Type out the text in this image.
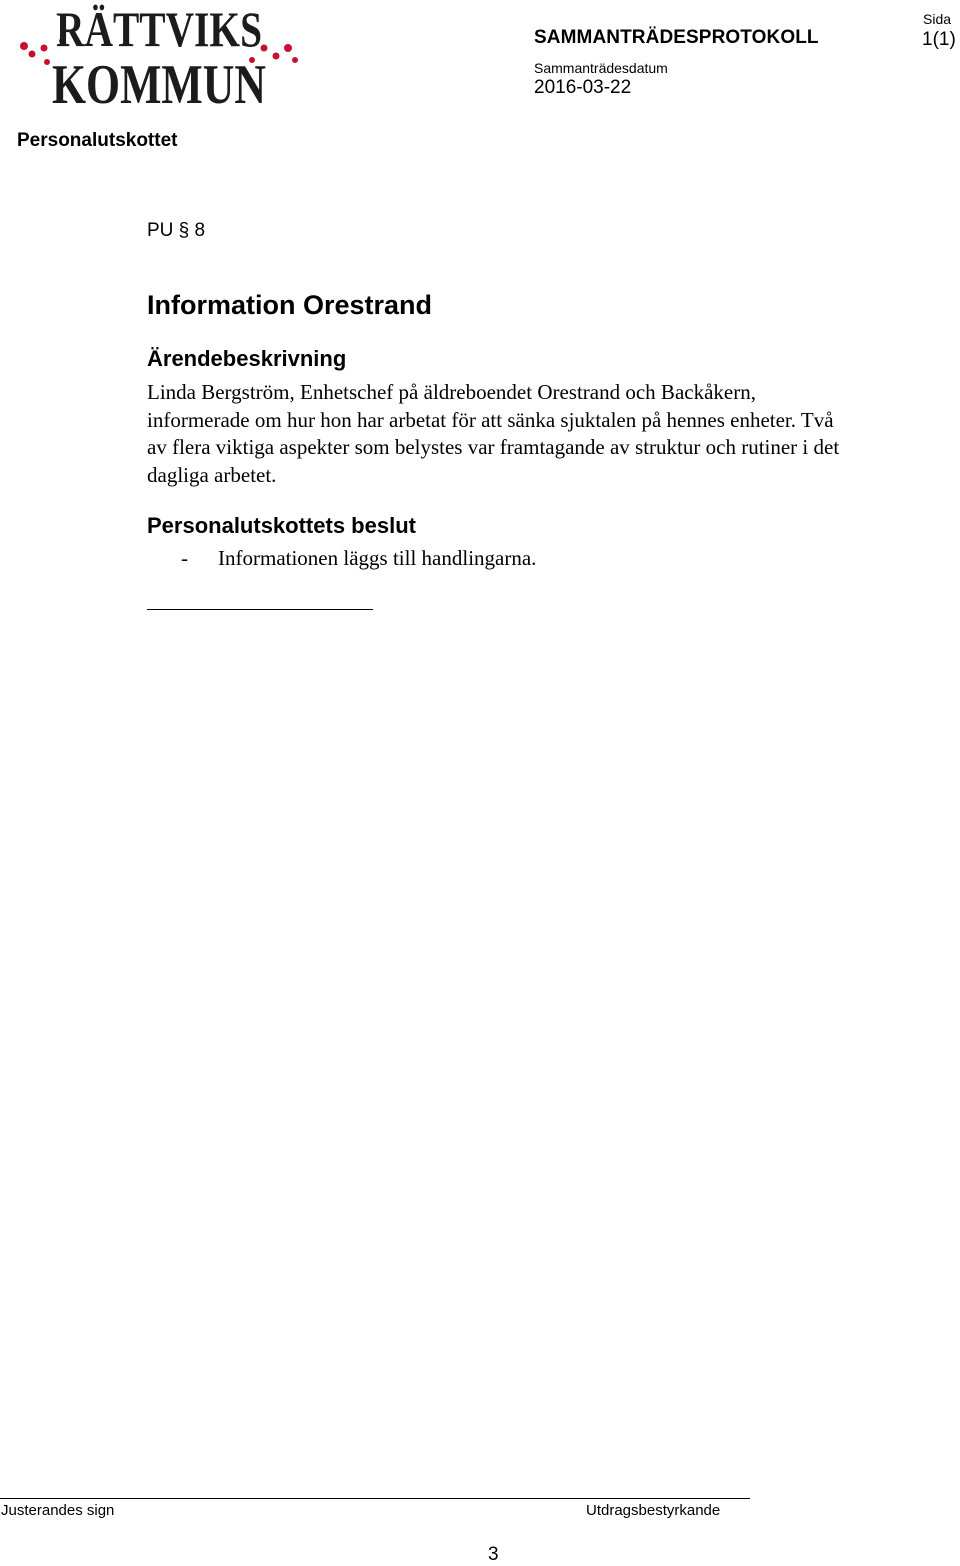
RÄTTVIKS
KOMMUN
SAMMANTRÄDESPROTOKOLL
Sammanträdesdatum
2016-03-22
Sida
1(1)
Personalutskottet
PU § 8
Information Orestrand
Ärendebeskrivning

Linda Bergström, Enhetschef på äldreboendet Orestrand och Backåkern, informerade om hur hon har arbetat för att sänka sjuktalen på hennes enheter. Två av flera viktiga aspekter som belystes var framtagande av struktur och rutiner i det dagliga arbetet.

Personalutskottets beslut
- Informationen läggs till handlingarna.
Justerandes sign	Utdragsbestyrkande
3
